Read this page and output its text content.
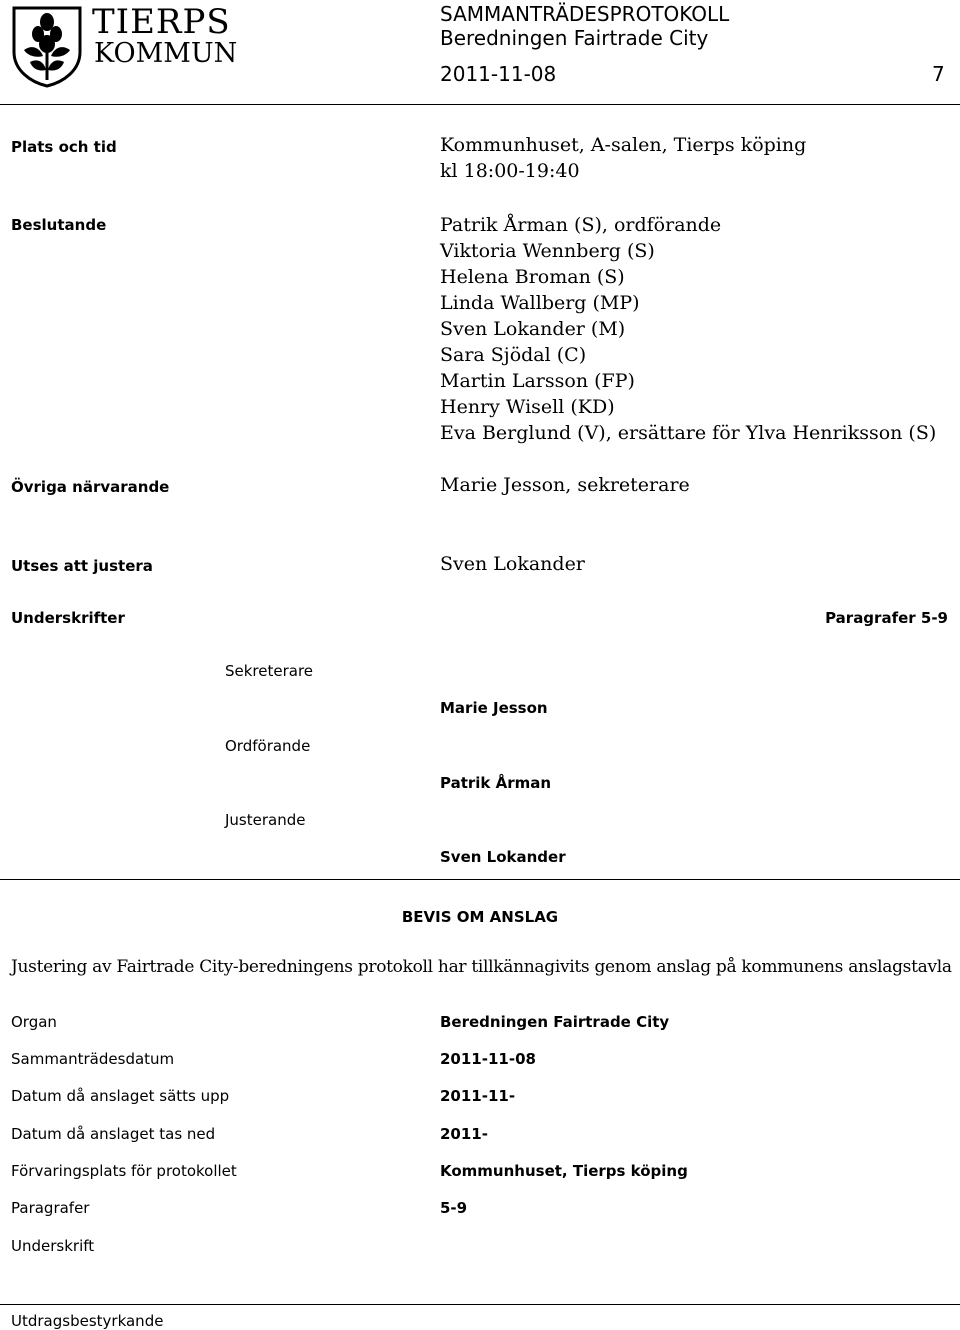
TIERPS
KOMMUN
SAMMANTRÄDESPROTOKOLL
Beredningen Fairtrade City
2011-11-08	7
Plats och tid	Kommunhuset, A-salen, Tierps köping
kl 18:00-19:40
Beslutande	Patrik Årman (S), ordförande
Viktoria Wennberg (S)
Helena Broman (S)
Linda Wallberg (MP)
Sven Lokander (M)
Sara Sjödal (C)
Martin Larsson (FP)
Henry Wisell (KD)
Eva Berglund (V), ersättare för Ylva Henriksson (S)
Övriga närvarande	Marie Jesson, sekreterare
Utses att justera	Sven Lokander
Underskrifter	Paragrafer 5-9
Sekreterare
Marie Jesson
Ordförande
Patrik Årman
Justerande
Sven Lokander
BEVIS OM ANSLAG
Justering av Fairtrade City-beredningens protokoll har tillkännagivits genom anslag på kommunens anslagstavla
Organ	Beredningen Fairtrade City
Sammanträdesdatum	2011-11-08
Datum då anslaget sätts upp	2011-11-
Datum då anslaget tas ned	2011-
Förvaringsplats för protokollet	Kommunhuset, Tierps köping
Paragrafer	5-9
Underskrift
Utdragsbestyrkande
